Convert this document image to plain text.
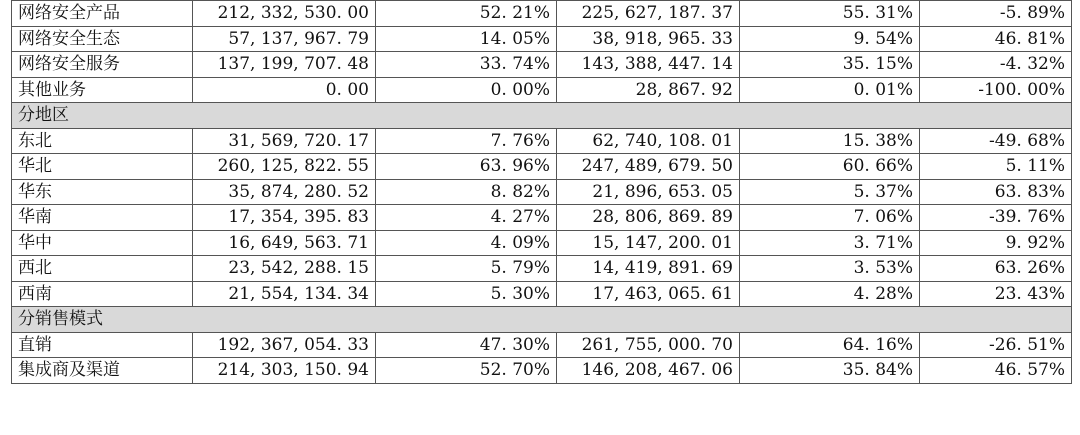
网络安全产品	212, 332, 530. 00	52. 21%	225, 627, 187. 37	55. 31%	-5. 89%
网络安全生态	57, 137, 967. 79	14. 05%	38, 918, 965. 33	9. 54%	46. 81%
网络安全服务	137, 199, 707. 48	33. 74%	143, 388, 447. 14	35. 15%	-4. 32%
其他业务	0. 00	0. 00%	28, 867. 92	0. 01%	-100. 00%
分地区					
东北	31, 569, 720. 17	7. 76%	62, 740, 108. 01	15. 38%	-49. 68%
华北	260, 125, 822. 55	63. 96%	247, 489, 679. 50	60. 66%	5. 11%
华东	35, 874, 280. 52	8. 82%	21, 896, 653. 05	5. 37%	63. 83%
华南	17, 354, 395. 83	4. 27%	28, 806, 869. 89	7. 06%	-39. 76%
华中	16, 649, 563. 71	4. 09%	15, 147, 200. 01	3. 71%	9. 92%
西北	23, 542, 288. 15	5. 79%	14, 419, 891. 69	3. 53%	63. 26%
西南	21, 554, 134. 34	5. 30%	17, 463, 065. 61	4. 28%	23. 43%
分销售模式					
直销	192, 367, 054. 33	47. 30%	261, 755, 000. 70	64. 16%	-26. 51%
集成商及渠道	214, 303, 150. 94	52. 70%	146, 208, 467. 06	35. 84%	46. 57%
